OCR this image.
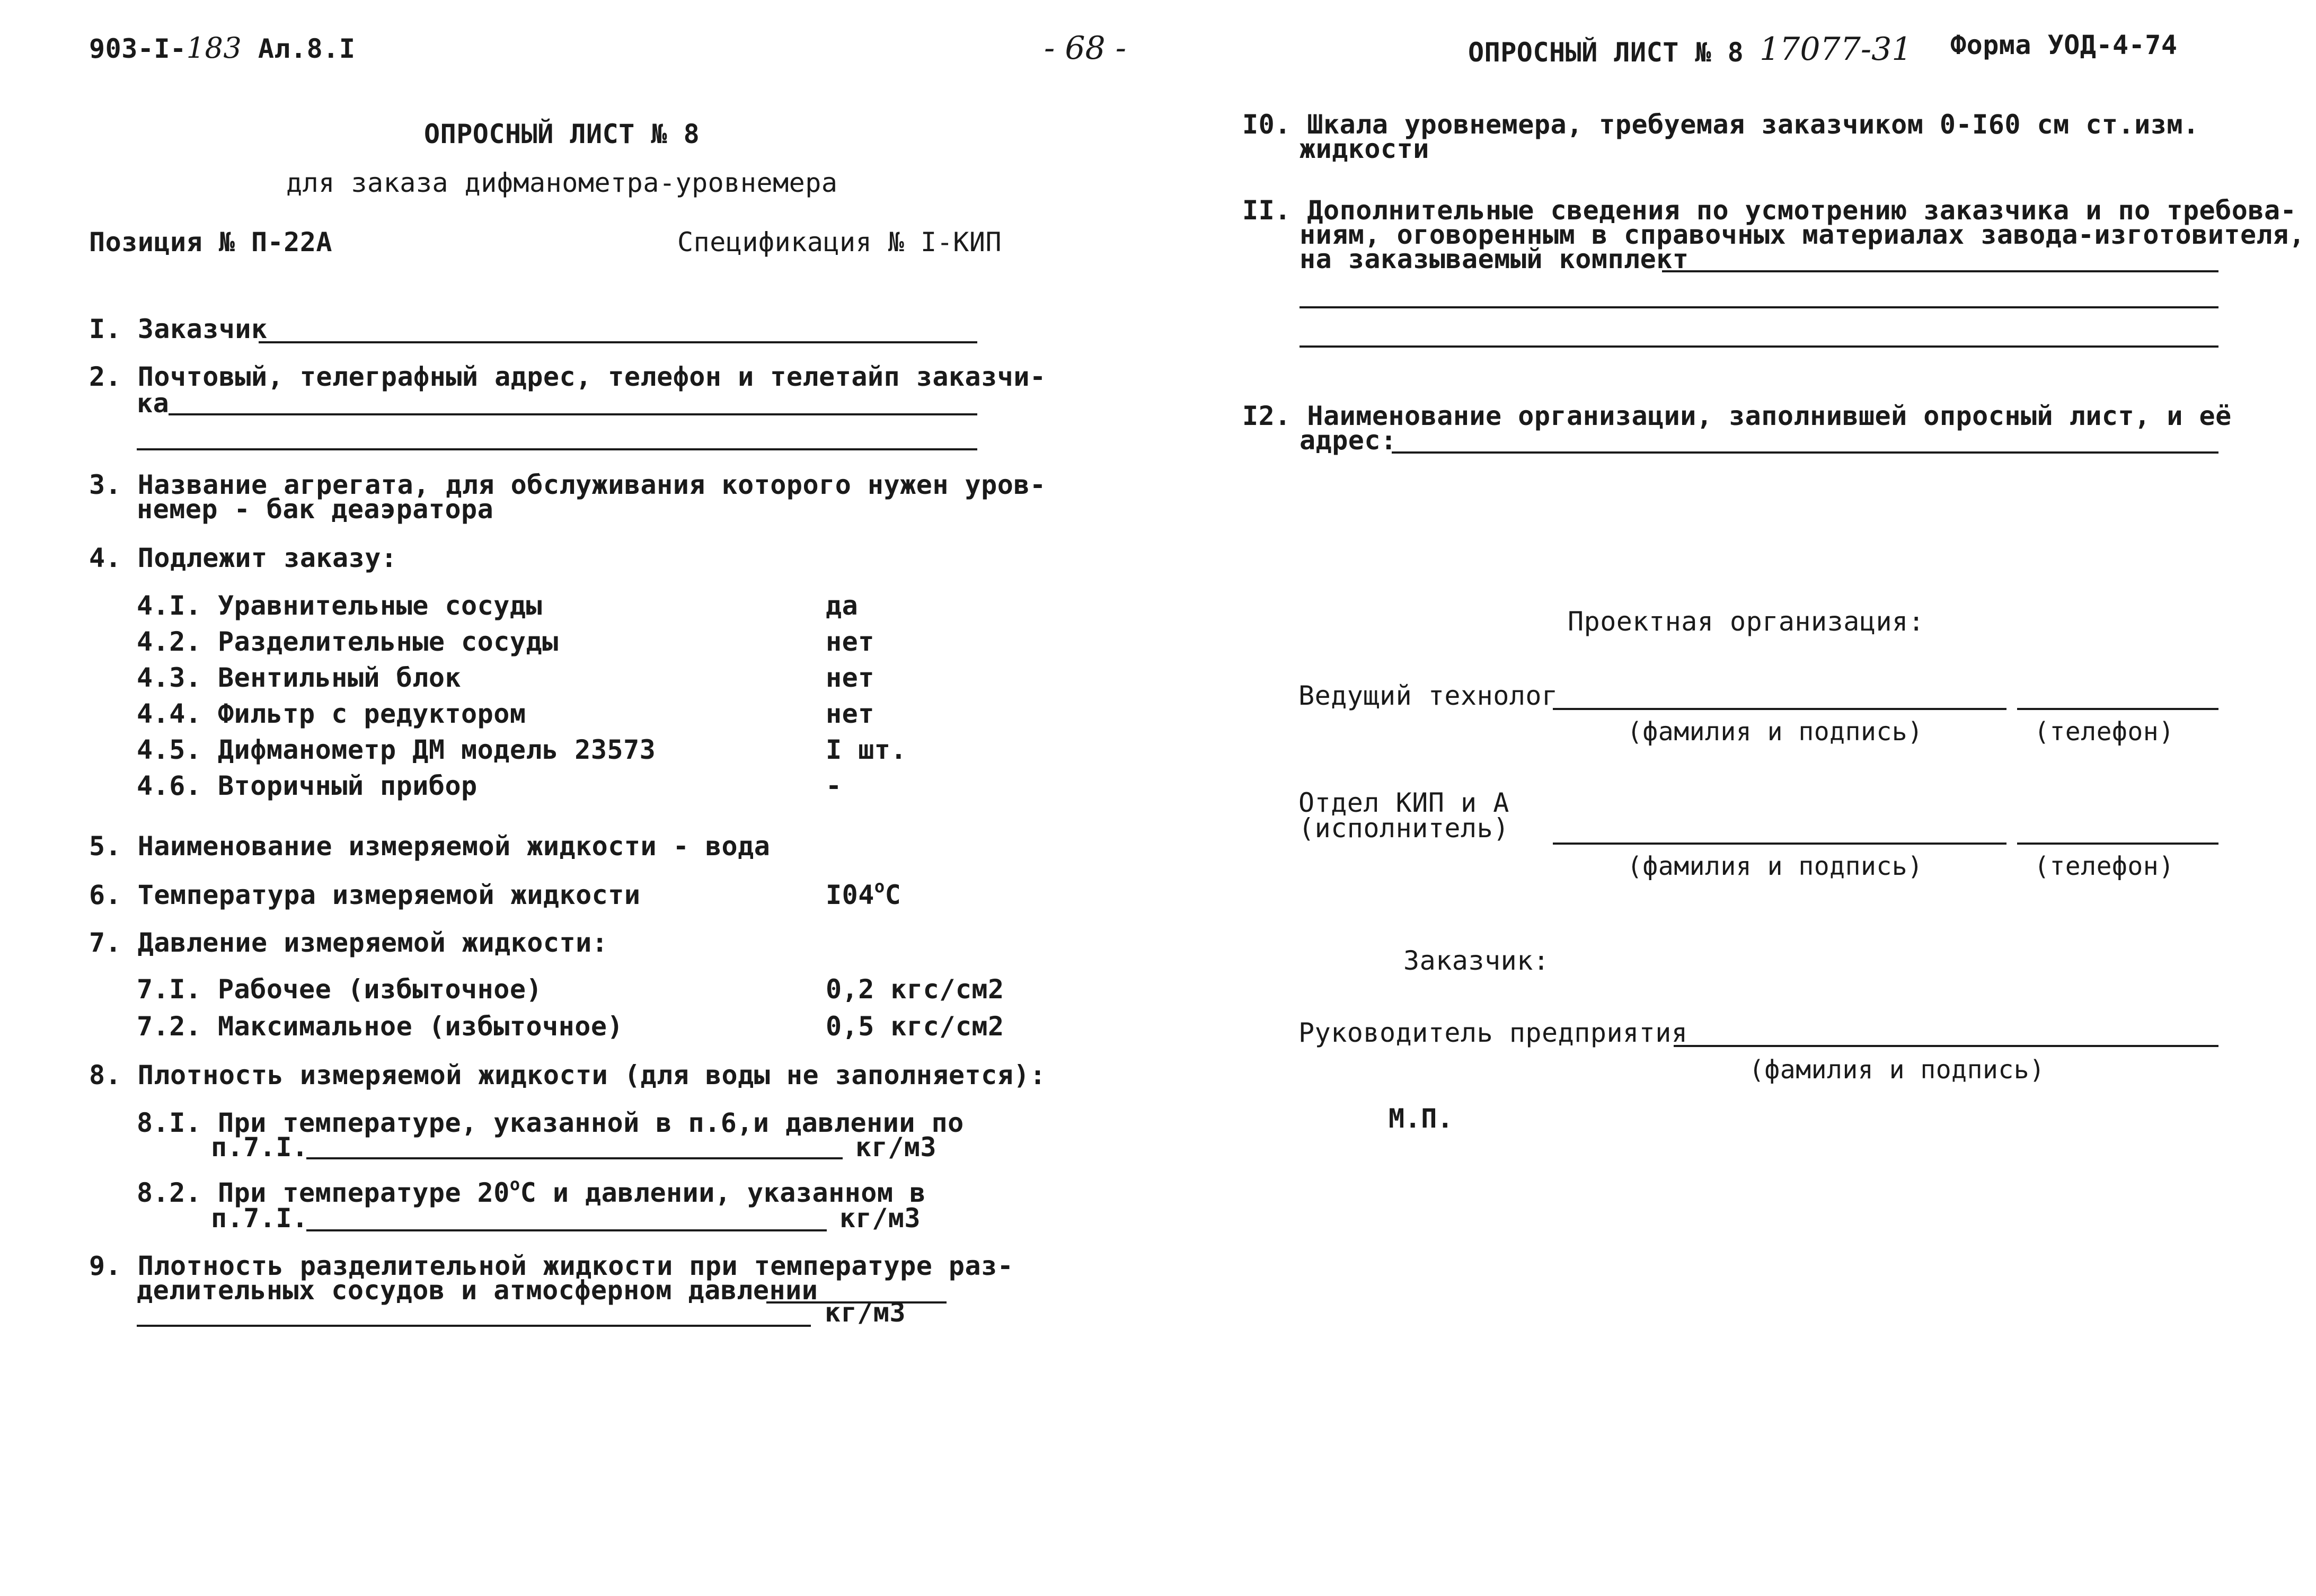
903-I-183 Ал.8.I	- 68 -	ОПРОСНЫЙ ЛИСТ № 8 17077-31 Форма УОД-4-74
ОПРОСНЫЙ ЛИСТ № 8
для заказа дифманометра-уровнемера
Позиция № П-22А	Спецификация № I-КИП
I. Заказчик
2. Почтовый, телеграфный адрес, телефон и телетайп заказчи-
ка
3. Название агрегата, для обслуживания которого нужен уров-
немер - бак деаэратора
4. Подлежит заказу:
4.I. Уравнительные сосуды	да
4.2. Разделительные сосуды	нет
4.3. Вентильный блок	нет
4.4. Фильтр с редуктором	нет
4.5. Дифманометр ДМ модель 23573	I шт.
4.6. Вторичный прибор	-
5. Наименование измеряемой жидкости - вода
6. Температура измеряемой жидкости	I04$^o$C
7. Давление измеряемой жидкости:
7.I. Рабочее (избыточное)	0,2 кгс/см2
7.2. Максимальное (избыточное)	0,5 кгс/см2
8. Плотность измеряемой жидкости (для воды не заполняется):
8.I. При температуре, указанной в п.6,и давлении по
п.7.I.	кг/м3
8.2. При температуре 20$^o$C и давлении, указанном в
п.7.I.	кг/м3
9. Плотность разделительной жидкости при температуре раз-
делительных сосудов и атмосферном давлении
кг/м3
I0. Шкала уровнемера, требуемая заказчиком 0-I60 см ст.изм.
жидкости
II. Дополнительные сведения по усмотрению заказчика и по требова-
ниям, оговоренным в справочных материалах завода-изготовителя,
на заказываемый комплект
I2. Наименование организации, заполнившей опросный лист, и её
адрес:
Проектная организация:
Ведущий технолог
(фамилия и подпись)	(телефон)
Отдел КИП и А
(исполнитель)
(фамилия и подпись)	(телефон)
Заказчик:
Руководитель предприятия
(фамилия и подпись)
М.П.
